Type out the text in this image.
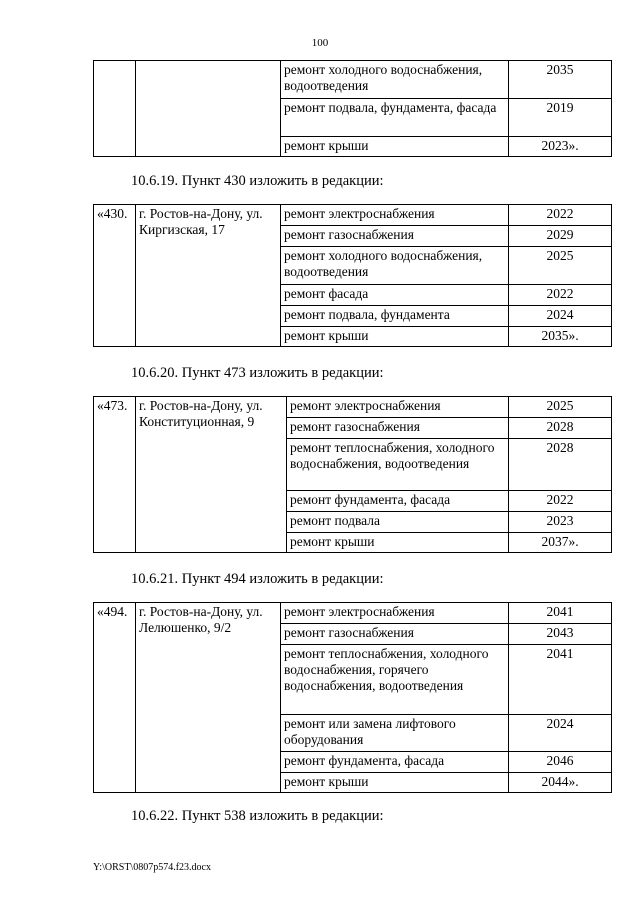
100
		ремонт холодного водоснабжения, водоотведения	2035
		ремонт подвала, фундамента, фасада	2019
		ремонт крыши	2023».
10.6.19. Пункт 430 изложить в редакции:
«430.	г. Ростов-на-Дону, ул. Киргизская, 17	ремонт электроснабжения	2022
		ремонт газоснабжения	2029
		ремонт холодного водоснабжения, водоотведения	2025
		ремонт фасада	2022
		ремонт подвала, фундамента	2024
		ремонт крыши	2035».
10.6.20. Пункт 473 изложить в редакции:
«473.	г. Ростов-на-Дону, ул. Конституционная, 9	ремонт электроснабжения	2025
		ремонт газоснабжения	2028
		ремонт теплоснабжения, холодного водоснабжения, водоотведения	2028
		ремонт фундамента, фасада	2022
		ремонт подвала	2023
		ремонт крыши	2037».
10.6.21. Пункт 494 изложить в редакции:
«494.	г. Ростов-на-Дону, ул. Лелюшенко, 9/2	ремонт электроснабжения	2041
		ремонт газоснабжения	2043
		ремонт теплоснабжения, холодного водоснабжения, горячего водоснабжения, водоотведения	2041
		ремонт или замена лифтового оборудования	2024
		ремонт фундамента, фасада	2046
		ремонт крыши	2044».
10.6.22. Пункт 538 изложить в редакции:
Y:\ORST\0807p574.f23.docx
